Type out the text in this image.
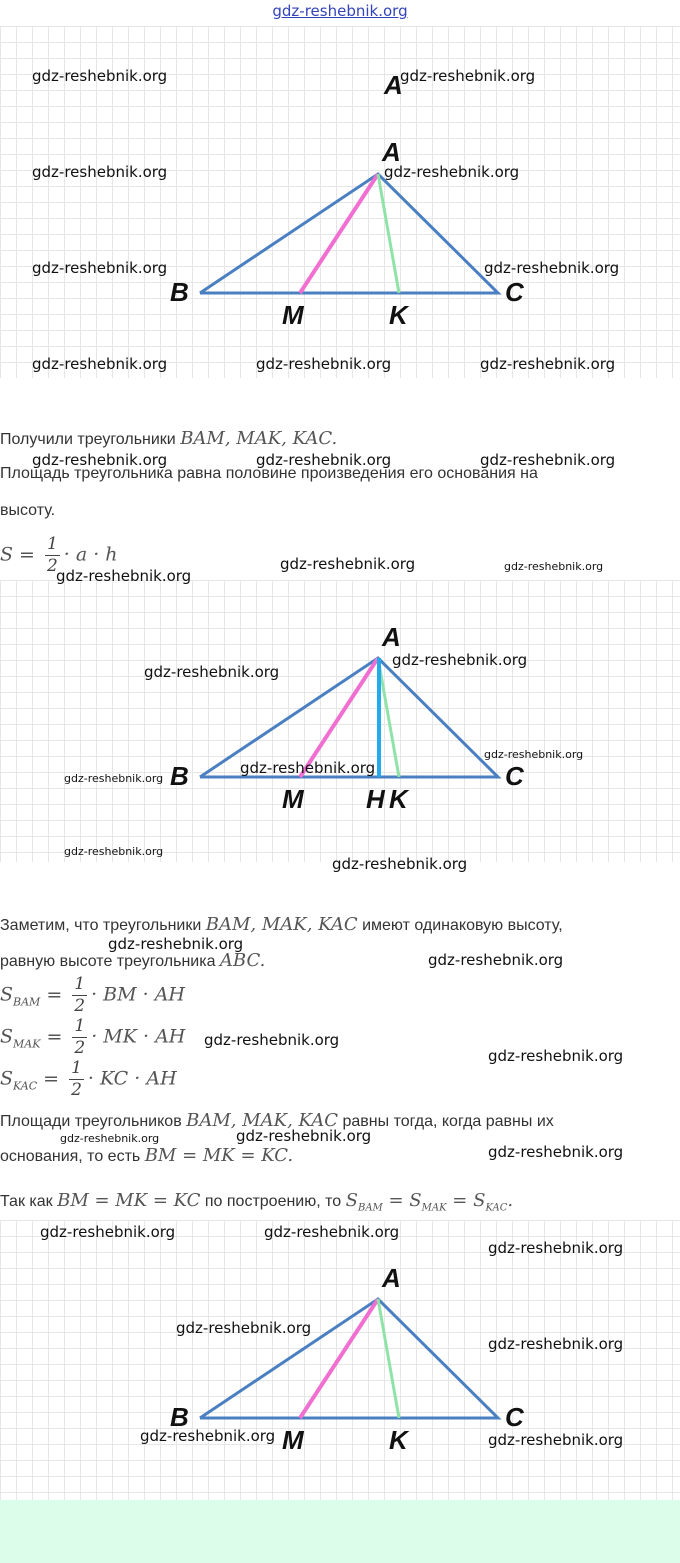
gdz-reshebnik.org
A
A
B	C
M	K
Получили треугольники BAM, MAK, KAC.
Площадь треугольника равна половине произведения его основания на
высоту.
$S = \frac{1}{2} \cdot a \cdot h$
A
B	C
M H K
Заметим, что треугольники BAM, MAK, KAC имеют одинаковую высоту,
равную высоте треугольника ABC.
$S_{BAM} = \frac{1}{2}$ · BM · AH
$S_{MAK} = \frac{1}{2}$ · MK · AH
$S_{KAC} = \frac{1}{2}$ · KC · AH
Площади треугольников BAM, MAK, KAC равны тогда, когда равны их
основания, то есть BM = MK = KC.
Так как BM = MK = KC по построению, то $S_{BAM} = S_{MAK} = S_{KAC}$.
A
B	C
M	K
gdz-reshebnik.org	gdz-reshebnik.org
gdz-reshebnik.org	gdz-reshebnik.org
gdz-reshebnik.org	gdz-reshebnik.org
gdz-reshebnik.org	gdz-reshebnik.org	gdz-reshebnik.org
gdz-reshebnik.org	gdz-reshebnik.org	gdz-reshebnik.org
gdz-reshebnik.org
gdz-reshebnik.org	gdz-reshebnik.org
gdz-reshebnik.org
gdz-reshebnik.org
gdz-reshebnik.org
gdz-reshebnik.org
gdz-reshebnik.org
gdz-reshebnik.org
gdz-reshebnik.org
gdz-reshebnik.org
gdz-reshebnik.org
gdz-reshebnik.org
gdz-reshebnik.org
gdz-reshebnik.org	gdz-reshebnik.org
gdz-reshebnik.org
gdz-reshebnik.org	gdz-reshebnik.org
gdz-reshebnik.org
gdz-reshebnik.org
gdz-reshebnik.org
gdz-reshebnik.org	gdz-reshebnik.org
